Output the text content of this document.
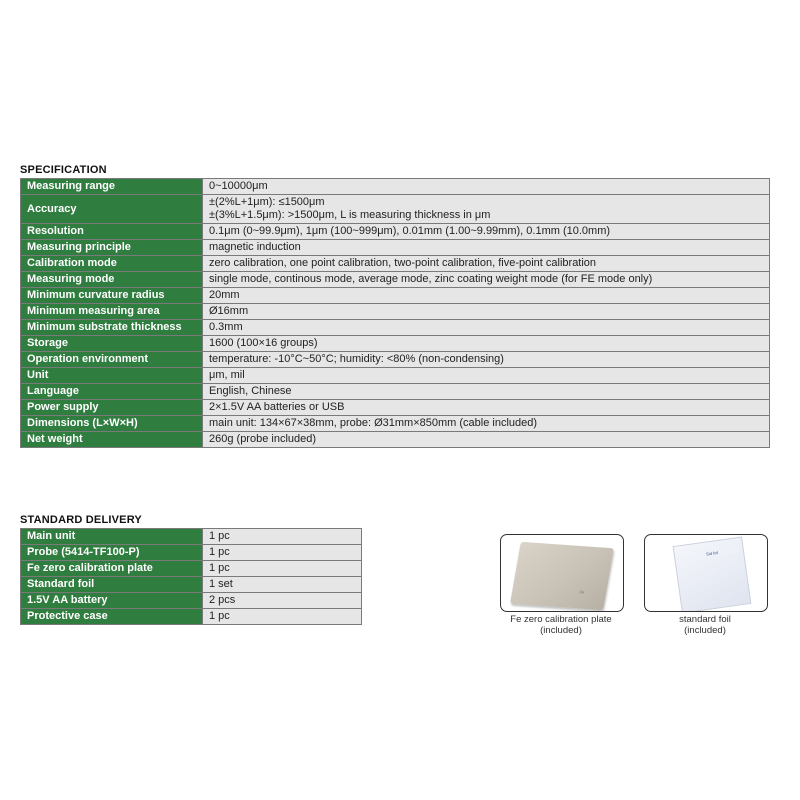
SPECIFICATION
Measuring range	0~10000μm

Accuracy	±(2%L+1μm): ≤1500μm
±(3%L+1.5μm): >1500μm, L is measuring thickness in μm

Resolution	0.1μm (0~99.9μm), 1μm (100~999μm), 0.01mm (1.00~9.99mm), 0.1mm (10.0mm)

Measuring principle	magnetic induction

Calibration mode	zero calibration, one point calibration, two-point calibration, five-point calibration

Measuring mode	single mode, continous mode, average mode, zinc coating weight mode (for FE mode only)

Minimum curvature radius	20mm

Minimum measuring area	Ø16mm

Minimum substrate thickness	0.3mm

Storage	1600 (100×16 groups)

Operation environment	temperature: -10°C~50°C; humidity: <80% (non-condensing)

Unit	μm, mil

Language	English, Chinese

Power supply	2×1.5V AA batteries or USB

Dimensions (L×W×H)	main unit: 134×67×38mm, probe: Ø31mm×850mm (cable included)

Net weight	260g (probe included)
STANDARD DELIVERY
Main unit	1 pc
Probe (5414-TF100-P)	1 pc
Fe zero calibration plate	1 pc
Standard foil	1 set
1.5V AA battery	2 pcs
Protective case	1 pc
Fe
Fe zero calibration plate
(included)
Std foil
standard foil
(included)
